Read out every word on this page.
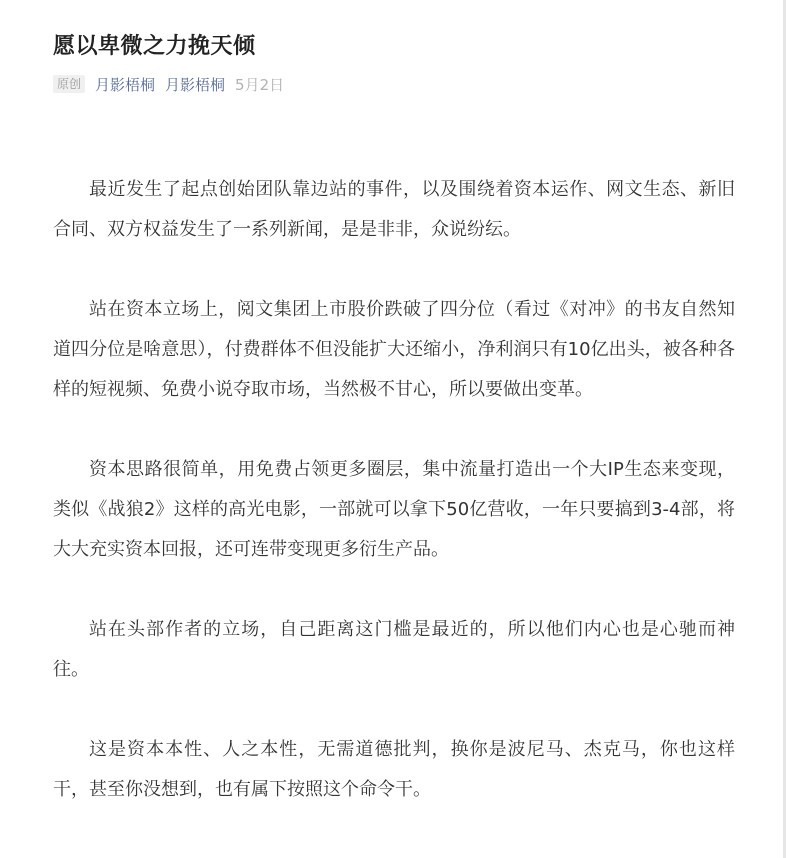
愿以卑微之力挽天倾
原创 月影梧桐 月影梧桐 5月2日

最近发生了起点创始团队靠边站的事件，以及围绕着资本运作、网文生态、新旧合同、双方权益发生了一系列新闻，是是非非，众说纷纭。

站在资本立场上，阅文集团上市股价跌破了四分位（看过《对冲》的书友自然知道四分位是啥意思），付费群体不但没能扩大还缩小，净利润只有10亿出头，被各种各样的短视频、免费小说夺取市场，当然极不甘心，所以要做出变革。

资本思路很简单，用免费占领更多圈层，集中流量打造出一个大IP生态来变现，类似《战狼2》这样的高光电影，一部就可以拿下50亿营收，一年只要搞到3-4部，将大大充实资本回报，还可连带变现更多衍生产品。

站在头部作者的立场，自己距离这门槛是最近的，所以他们内心也是心驰而神往。

这是资本本性、人之本性，无需道德批判，换你是波尼马、杰克马，你也这样干，甚至你没想到，也有属下按照这个命令干。
